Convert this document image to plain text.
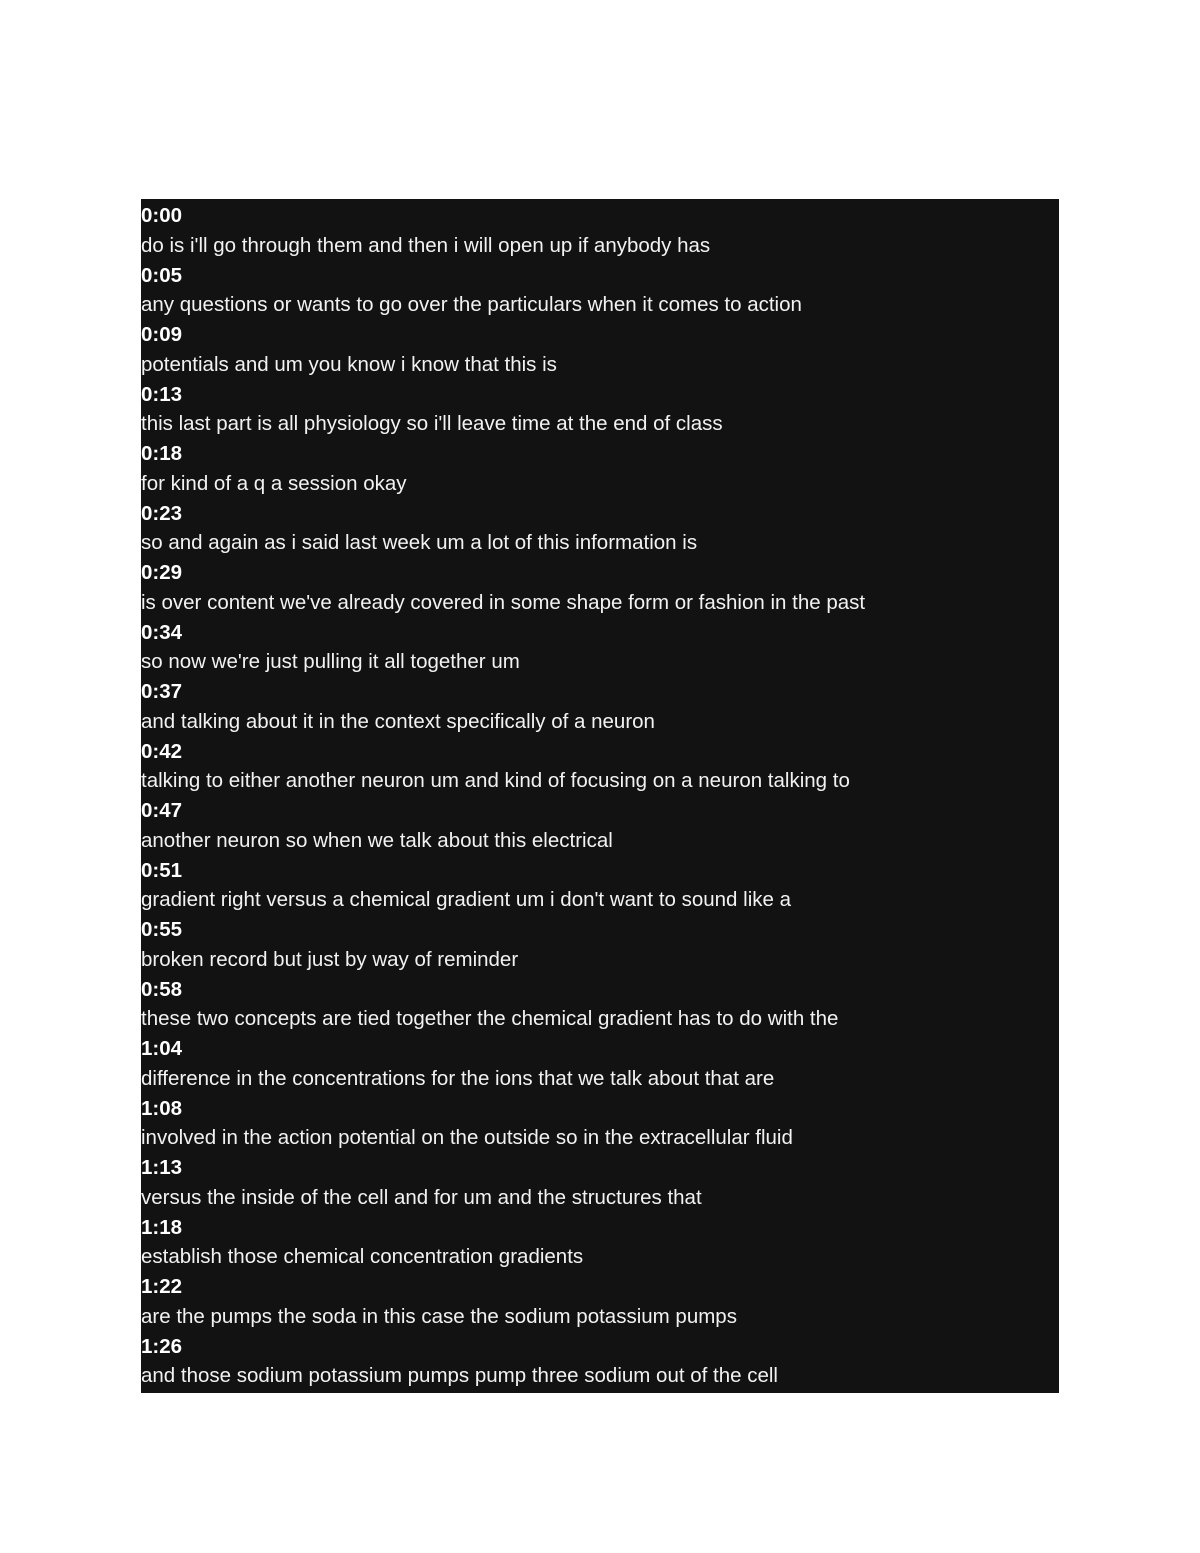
0:00
do is i'll go through them and then i will open up if anybody has
0:05
any questions or wants to go over the particulars when it comes to action
0:09
potentials and um you know i know that this is
0:13
this last part is all physiology so i'll leave time at the end of class
0:18
for kind of a q a session okay
0:23
so and again as i said last week um a lot of this information is
0:29
is over content we've already covered in some shape form or fashion in the past
0:34
so now we're just pulling it all together um
0:37
and talking about it in the context specifically of a neuron
0:42
talking to either another neuron um and kind of focusing on a neuron talking to
0:47
another neuron so when we talk about this electrical
0:51
gradient right versus a chemical gradient um i don't want to sound like a
0:55
broken record but just by way of reminder
0:58
these two concepts are tied together the chemical gradient has to do with the
1:04
difference in the concentrations for the ions that we talk about that are
1:08
involved in the action potential on the outside so in the extracellular fluid
1:13
versus the inside of the cell and for um and the structures that
1:18
establish those chemical concentration gradients
1:22
are the pumps the soda in this case the sodium potassium pumps
1:26
and those sodium potassium pumps pump three sodium out of the cell
